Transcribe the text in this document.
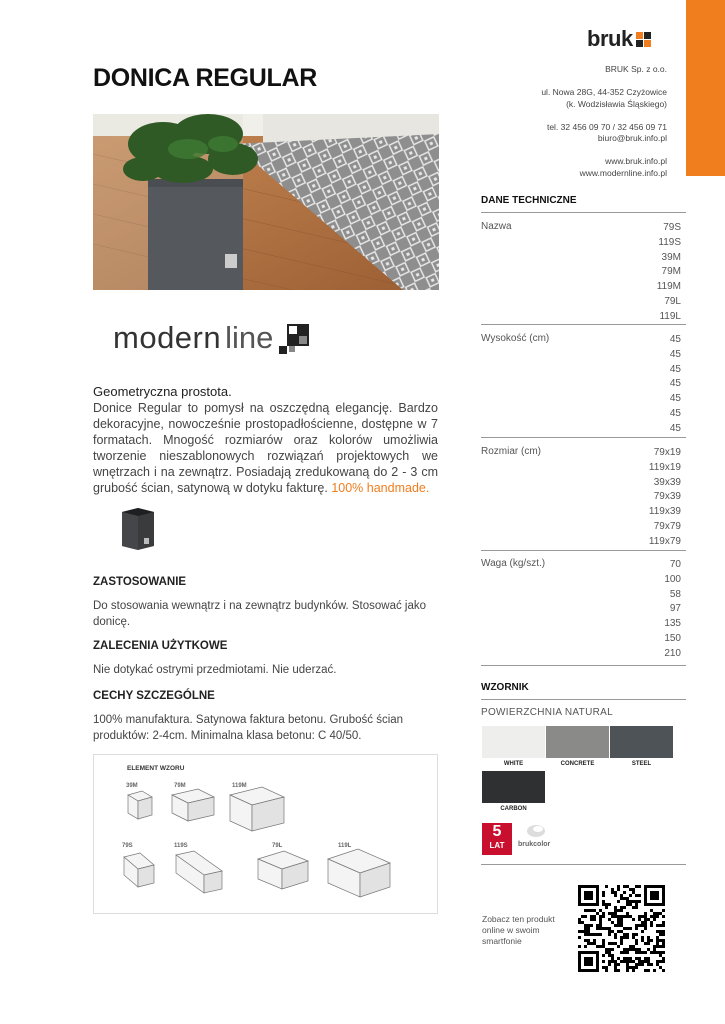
bruk
DONICA REGULAR	BRUK Sp. z o.o.
ul. Nowa 28G, 44-352 Czyżowice
(k. Wodzisławia Śląskiego)
tel. 32 456 09 70 / 32 456 09 71
biuro@bruk.info.pl
www.bruk.info.pl
www.modernline.info.pl
modern line
Geometryczna prostota.
Donice Regular to pomysł na oszczędną elegancję. Bardzo dekoracyjne, nowocześnie prostopadłościenne, dostępne w 7 formatach. Mnogość rozmiarów oraz kolorów umożliwia tworzenie nieszablonowych rozwiązań projektowych we wnętrzach i na zewnątrz. Posiadają zredukowaną do 2 - 3 cm grubość ścian, satynową w dotyku fakturę. 100% handmade.
ZASTOSOWANIE
Do stosowania wewnątrz i na zewnątrz budynków. Stosować jako donicę.
ZALECENIA UŻYTKOWE
Nie dotykać ostrymi przedmiotami. Nie uderzać.
CECHY SZCZEGÓLNE
100% manufaktura. Satynowa faktura betonu. Grubość ścian produktów: 2-4cm. Minimalna klasa betonu: C 40/50.
ELEMENT WZORU
39M	79M	119M
79S	119S	79L	119L
DANE TECHNICZNE
Nazwa	79S
119S
39M
79M
119M
79L
119L
Wysokość (cm)	45
45
45
45
45
45
45
Rozmiar (cm)	79x19
119x19
39x39
79x39
119x39
79x79
119x79
Waga (kg/szt.)	70
100
58
97
135
150
210
WZORNIK
POWIERZCHNIA NATURAL
WHITE	CONCRETE	STEEL
CARBON
5
LAT	brukcolor
Zobacz ten produkt online w swoim smartfonie
